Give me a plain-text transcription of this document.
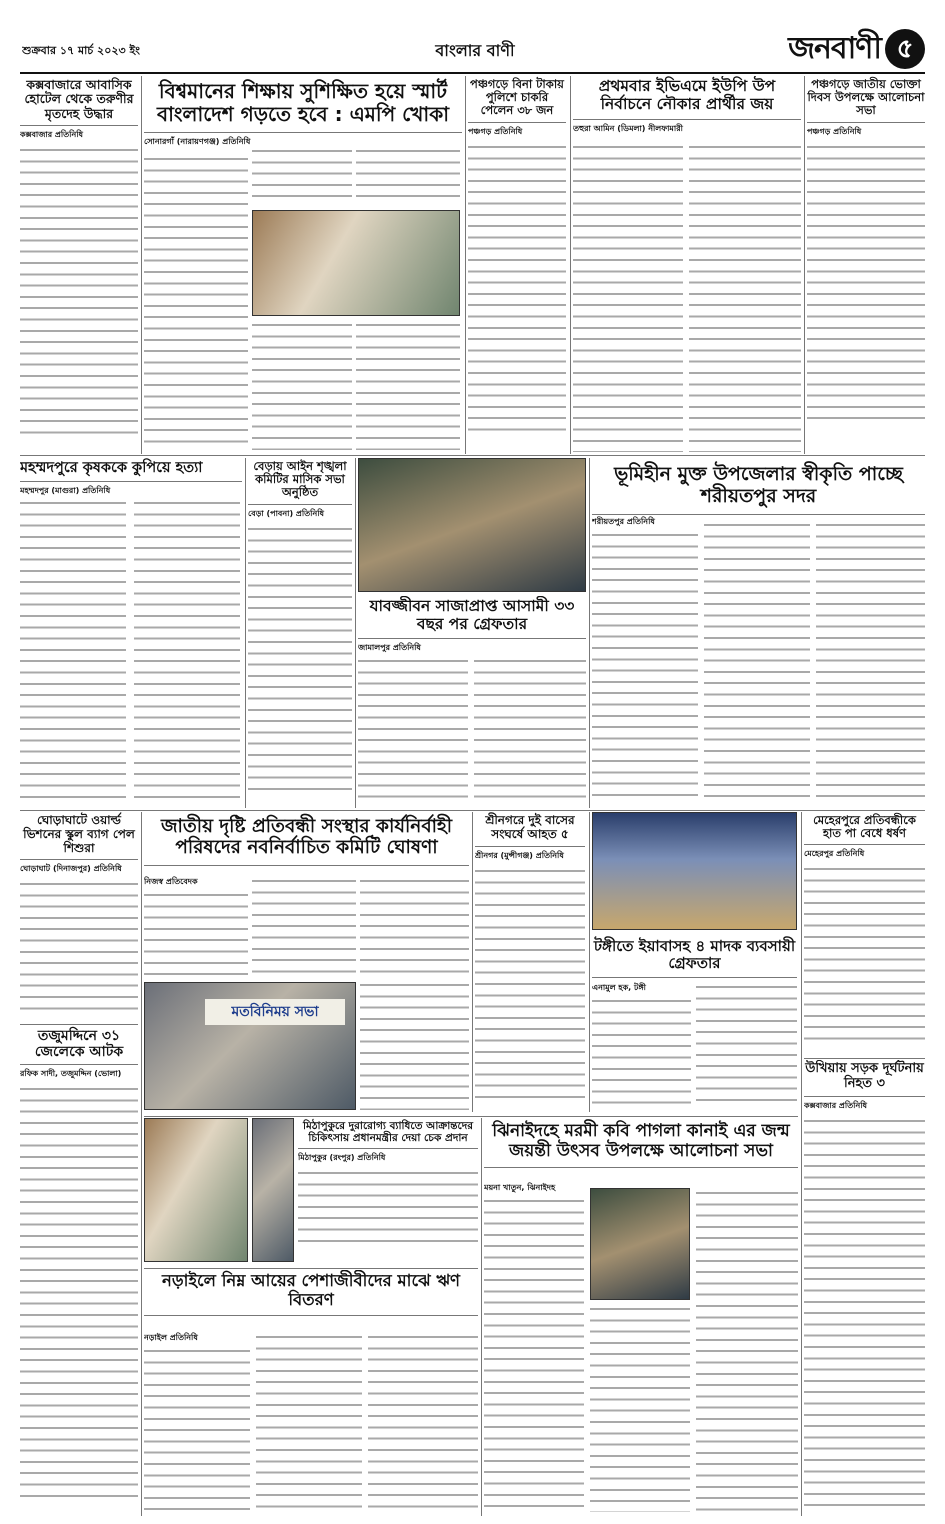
শুক্রবার ১৭ মার্চ ২০২৩ ইং	বাংলার বাণী	জনবাণী ৫
কক্সবাজারে আবাসিক হোটেল থেকে তরুণীর মৃতদেহ উদ্ধার
কক্সবাজার প্রতিনিধি
বিশ্বমানের শিক্ষায় সুশিক্ষিত হয়ে স্মার্ট বাংলাদেশ গড়তে হবে : এমপি খোকা
সোনারগাঁ (নারায়ণগঞ্জ) প্রতিনিধি
পঞ্চগড়ে বিনা টাকায় পুলিশে চাকরি পেলেন ৩৮ জন
পঞ্চগড় প্রতিনিধি
প্রথমবার ইভিএমে ইউপি উপ নির্বাচনে নৌকার প্রার্থীর জয়
তহুরা আমিন (ডিমলা) নীলফামারী
পঞ্চগড়ে জাতীয় ভোক্তা দিবস উপলক্ষে আলোচনা সভা
পঞ্চগড় প্রতিনিধি
মহম্মদপুরে কৃষককে কুপিয়ে হত্যা
মহম্মদপুর (মাগুরা) প্রতিনিধি
বেড়ায় আইন শৃঙ্খলা কমিটির মাসিক সভা অনুষ্ঠিত
বেড়া (পাবনা) প্রতিনিধি
যাবজ্জীবন সাজাপ্রাপ্ত আসামী ৩৩ বছর পর গ্রেফতার
জামালপুর প্রতিনিধি
ভূমিহীন মুক্ত উপজেলার স্বীকৃতি পাচ্ছে শরীয়তপুর সদর
শরীয়তপুর প্রতিনিধি
ঘোড়াঘাটে ওয়ার্ল্ড ভিশনের স্কুল ব্যাগ পেল শিশুরা
ঘোড়াঘাট (দিনাজপুর) প্রতিনিধি
তজুমদ্দিনে ৩১ জেলেকে আটক
রফিক সাদী, তজুমদ্দিন (ভোলা)
জাতীয় দৃষ্টি প্রতিবন্ধী সংস্থার কার্যনির্বাহী পরিষদের নবনির্বাচিত কমিটি ঘোষণা
নিজস্ব প্রতিবেদক
মতবিনিময় সভা
শ্রীনগরে দুই বাসের সংঘর্ষে আহত ৫
শ্রীনগর (মুন্সীগঞ্জ) প্রতিনিধি
টঙ্গীতে ইয়াবাসহ ৪ মাদক ব্যবসায়ী গ্রেফতার
এনামুল হক, টঙ্গী
মেহেরপুরে প্রতিবন্ধীকে হাত পা বেধে ধর্ষণ
মেহেরপুর প্রতিনিধি
উখিয়ায় সড়ক দূর্ঘটনায় নিহত ৩
কক্সবাজার প্রতিনিধি
মিঠাপুকুরে দুরারোগ্য ব্যাধিতে আক্রান্তদের চিকিৎসায় প্রধানমন্ত্রীর দেয়া চেক প্রদান
মিঠাপুকুর (রংপুর) প্রতিনিধি
নড়াইলে নিম্ন আয়ের পেশাজীবীদের মাঝে ঋণ বিতরণ
নড়াইল প্রতিনিধি
ঝিনাইদহে মরমী কবি পাগলা কানাই এর জন্ম জয়ন্তী উৎসব উপলক্ষে আলোচনা সভা
ময়না খাতুন, ঝিনাইদহ
